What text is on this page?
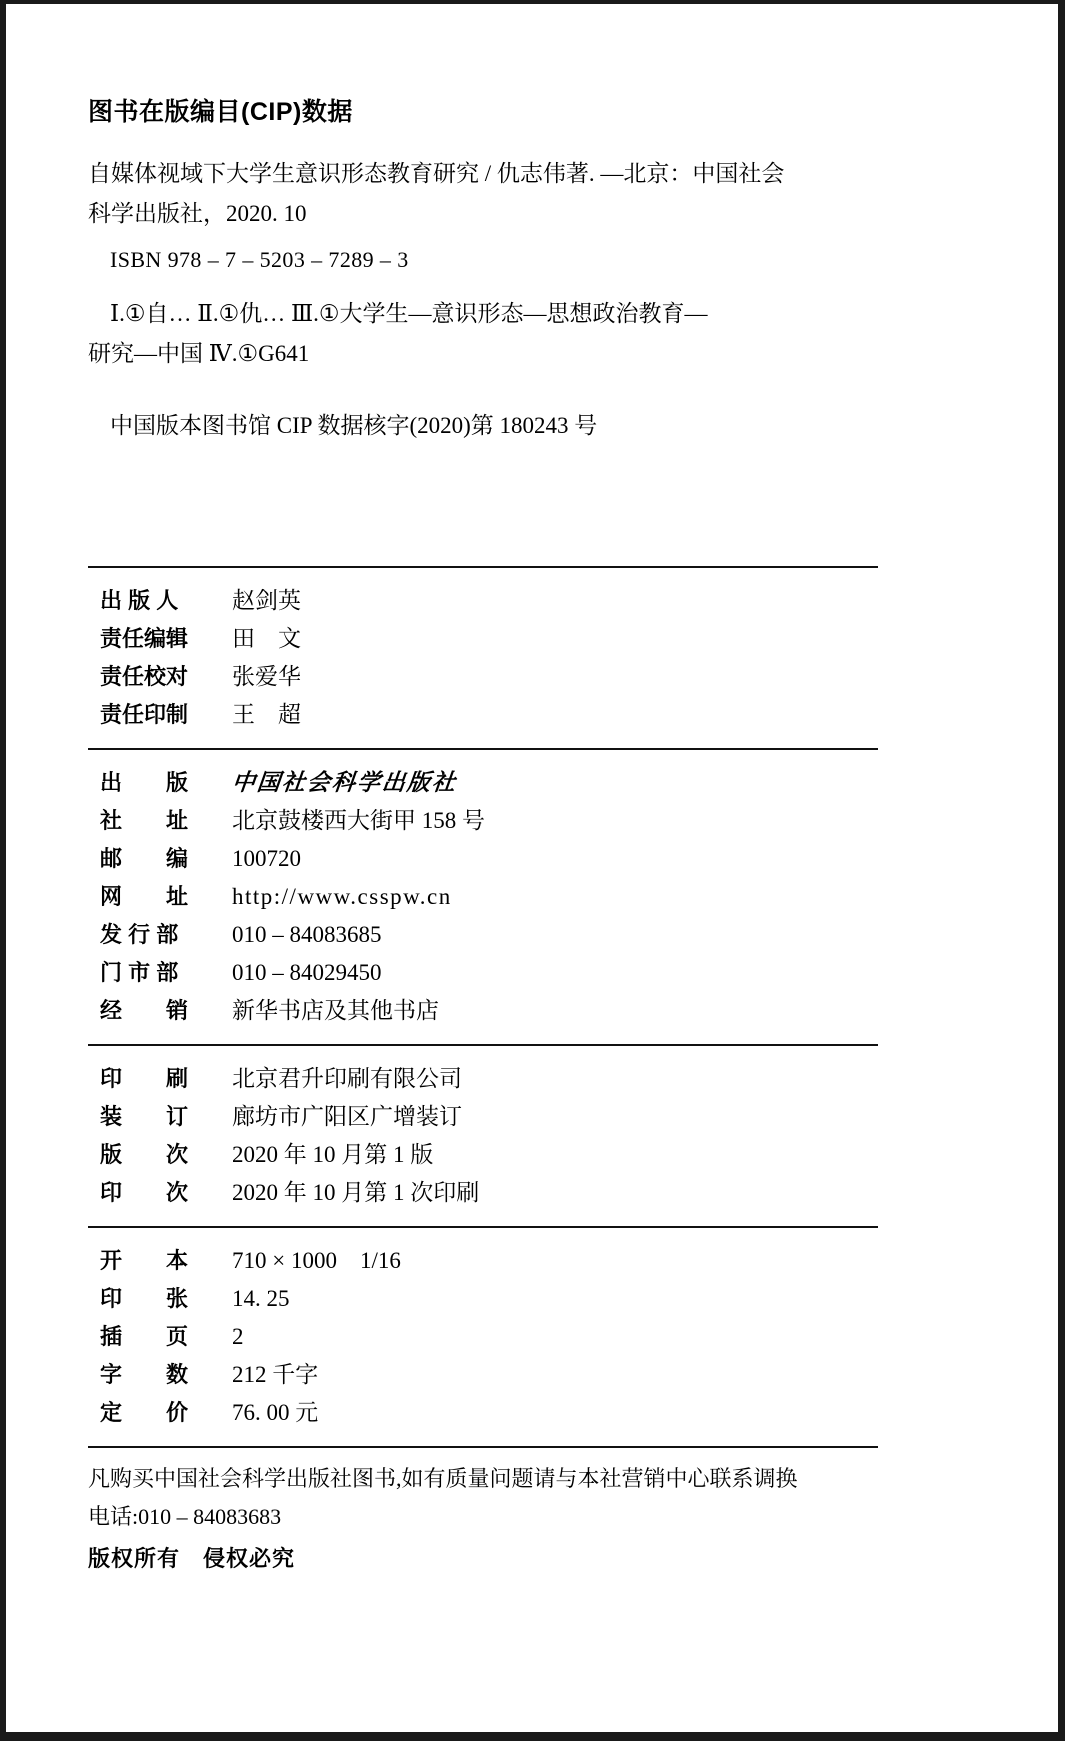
图书在版编目(CIP)数据
自媒体视域下大学生意识形态教育研究 / 仇志伟著. —北京：中国社会
科学出版社，2020. 10
ISBN 978 – 7 – 5203 – 7289 – 3
Ⅰ.①自… Ⅱ.①仇… Ⅲ.①大学生—意识形态—思想政治教育—
研究—中国 Ⅳ.①G641
中国版本图书馆 CIP 数据核字(2020)第 180243 号
出 版 人	赵剑英
责任编辑	田　文
责任校对	张爱华
责任印制	王　超
出　　版	中国社会科学出版社
社　　址	北京鼓楼西大街甲 158 号
邮　　编	100720
网　　址	http://www.csspw.cn
发 行 部	010 – 84083685
门 市 部	010 – 84029450
经　　销	新华书店及其他书店
印　　刷	北京君升印刷有限公司
装　　订	廊坊市广阳区广增装订
版　　次	2020 年 10 月第 1 版
印　　次	2020 年 10 月第 1 次印刷
开　　本	710 × 1000　1/16
印　　张	14. 25
插　　页	2
字　　数	212 千字
定　　价	76. 00 元
凡购买中国社会科学出版社图书,如有质量问题请与本社营销中心联系调换
电话:010 – 84083683
版权所有　侵权必究
